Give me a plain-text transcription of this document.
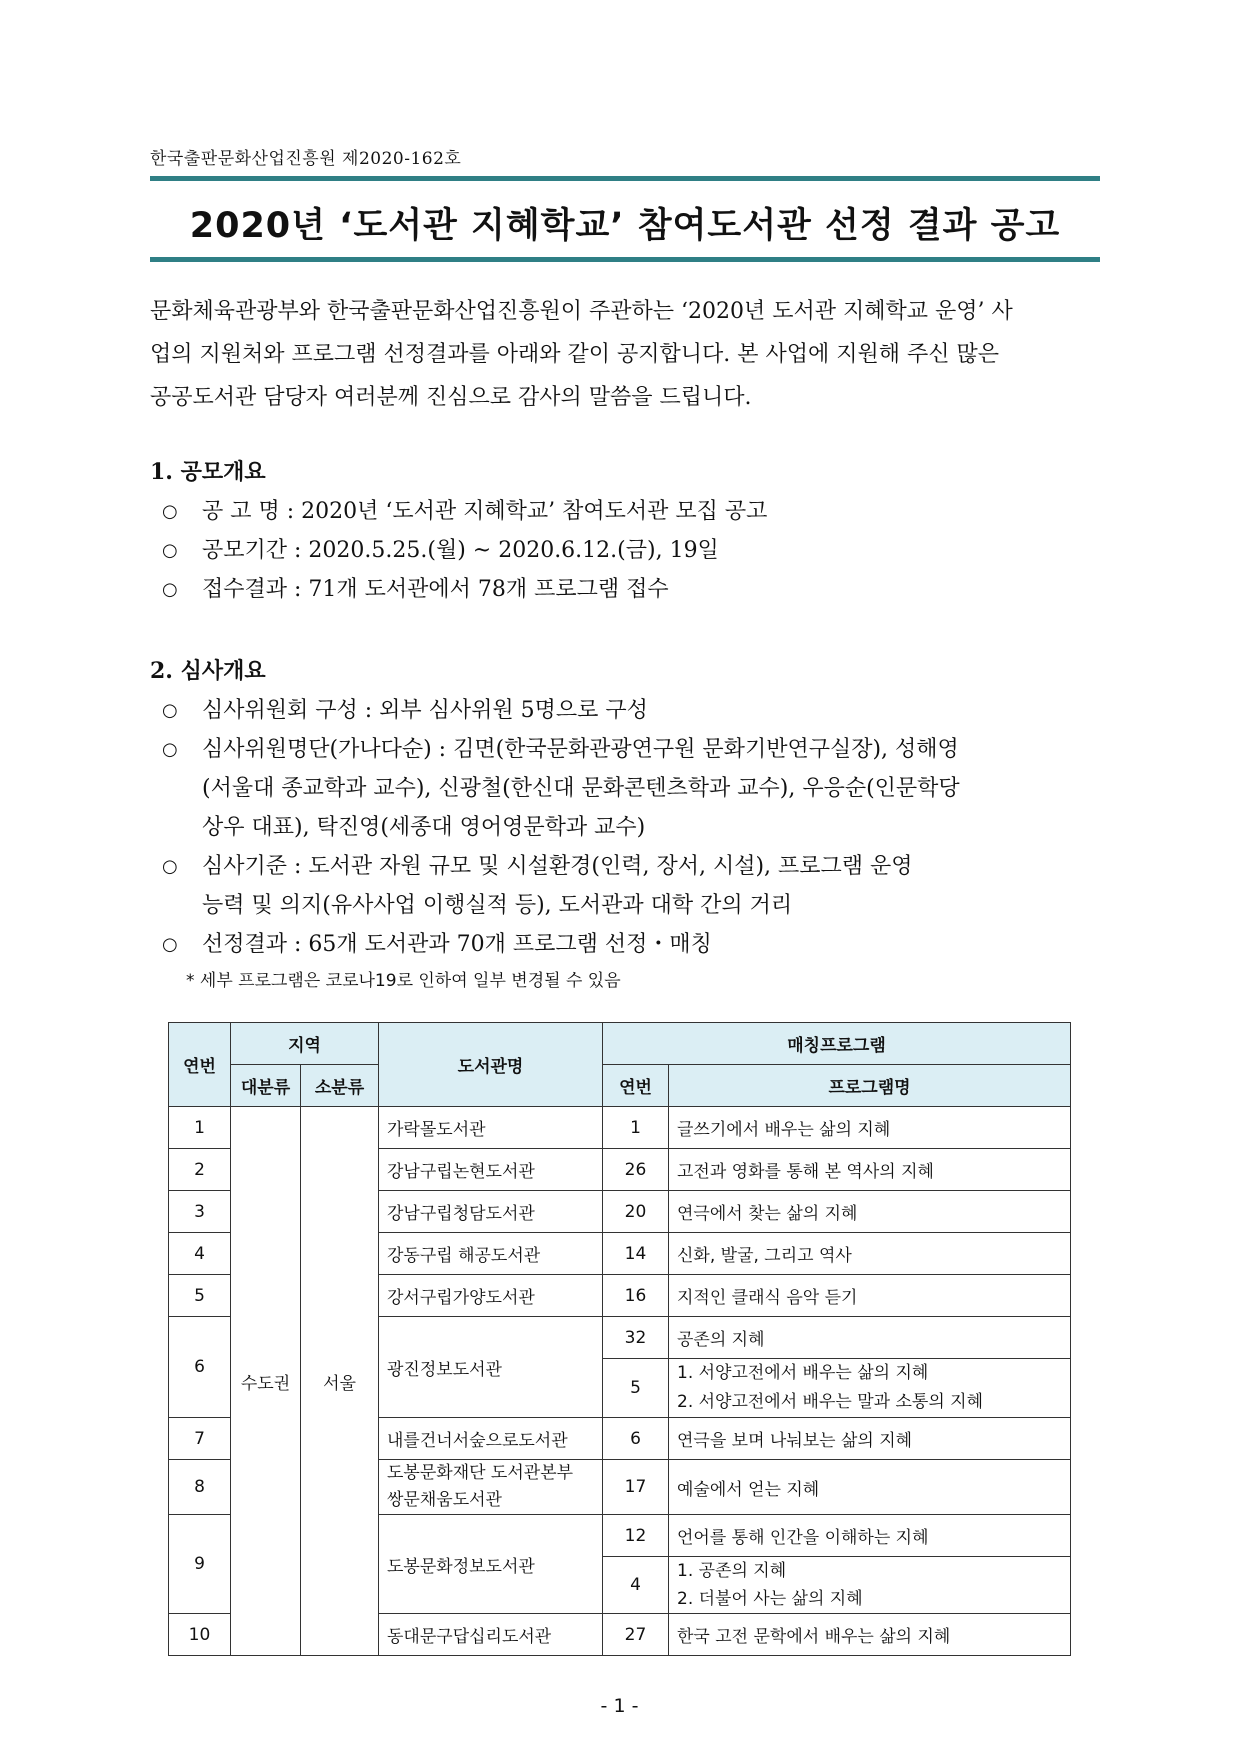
한국출판문화산업진흥원 제2020-162호
2020년 ‘도서관 지혜학교’ 참여도서관 선정 결과 공고

문화체육관광부와 한국출판문화산업진흥원이 주관하는 ‘2020년 도서관 지혜학교 운영’ 사

업의 지원처와 프로그램 선정결과를 아래와 같이 공지합니다. 본 사업에 지원해 주신 많은

공공도서관 담당자 여러분께 진심으로 감사의 말씀을 드립니다.

1. 공모개요
○ 공 고 명 : 2020년 ‘도서관 지혜학교’ 참여도서관 모집 공고
○ 공모기간 : 2020.5.25.(월) ~ 2020.6.12.(금), 19일
○ 접수결과 : 71개 도서관에서 78개 프로그램 접수
2. 심사개요
○ 심사위원회 구성 : 외부 심사위원 5명으로 구성
○ 심사위원명단(가나다순) : 김면(한국문화관광연구원 문화기반연구실장), 성해영
(서울대 종교학과 교수), 신광철(한신대 문화콘텐츠학과 교수), 우응순(인문학당
상우 대표), 탁진영(세종대 영어영문학과 교수)
○ 심사기준 : 도서관 자원 규모 및 시설환경(인력, 장서, 시설), 프로그램 운영
능력 및 의지(유사사업 이행실적 등), 도서관과 대학 간의 거리
○ 선정결과 : 65개 도서관과 70개 프로그램 선정・매칭
* 세부 프로그램은 코로나19로 인하여 일부 변경될 수 있음
연번	지역		도서관명	매칭프로그램	
	대분류	소분류		연번	프로그램명
1	수도권	서울	가락몰도서관	1	글쓰기에서 배우는 삶의 지혜
2			강남구립논현도서관	26	고전과 영화를 통해 본 역사의 지혜
3			강남구립청담도서관	20	연극에서 찾는 삶의 지혜
4			강동구립 해공도서관	14	신화, 발굴, 그리고 역사
5			강서구립가양도서관	16	지적인 클래식 음악 듣기
6			광진정보도서관	32	공존의 지혜
				5	1. 서양고전에서 배우는 삶의 지혜
2. 서양고전에서 배우는 말과 소통의 지혜
7			내를건너서숲으로도서관	6	연극을 보며 나눠보는 삶의 지혜
8			도봉문화재단 도서관본부
쌍문채움도서관	17	예술에서 얻는 지혜
9			도봉문화정보도서관	12	언어를 통해 인간을 이해하는 지혜
				4	1. 공존의 지혜
2. 더불어 사는 삶의 지혜
10			동대문구답십리도서관	27	한국 고전 문학에서 배우는 삶의 지혜
- 1 -
